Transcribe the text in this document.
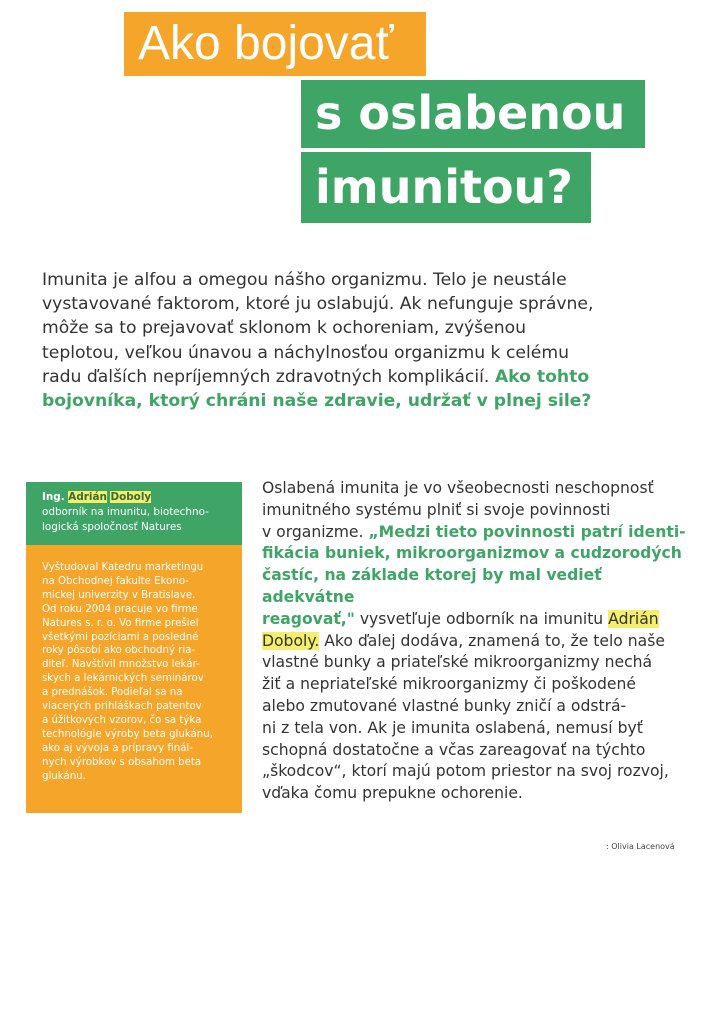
Ako bojovať
s oslabenou
imunitou?
Imunita je alfou a omegou nášho organizmu. Telo je neustále
vystavované faktorom, ktoré ju oslabujú. Ak nefunguje správne,
môže sa to prejavovať sklonom k ochoreniam, zvýšenou
teplotou, veľkou únavou a náchylnosťou organizmu k celému
radu ďalších nepríjemných zdravotných komplikácií. Ako tohto
bojovníka, ktorý chráni naše zdravie, udržať v plnej sile?
Ing. Adrián Doboly
odborník na imunitu, biotechno-
logická spoločnosť Natures
Vyštudoval Katedru marketingu
na Obchodnej fakulte Ekono-
mickej univerzity v Bratislave.
Od roku 2004 pracuje vo firme
Natures s. r. o. Vo firme prešiel
všetkými pozíciami a posledné
roky pôsobí ako obchodný ria-
diteľ. Navštívil množstvo lekár-
skych a lekárnických seminárov
a prednášok. Podieľal sa na
viacerých prihláškach patentov
a úžitkových vzorov, čo sa týka
technológie výroby beta glukánu,
ako aj vývoja a prípravy finál-
nych výrobkov s obsahom beta
glukánu.
Oslabená imunita je vo všeobecnosti neschopnosť
imunitného systému plniť si svoje povinnosti
v organizme. „Medzi tieto povinnosti patrí identi-
fikácia buniek, mikroorganizmov a cudzorodých
častíc, na základe ktorej by mal vedieť adekvátne
reagovať," vysvetľuje odborník na imunitu Adrián
Doboly. Ako ďalej dodáva, znamená to, že telo naše
vlastné bunky a priateľské mikroorganizmy nechá
žiť a nepriateľské mikroorganizmy či poškodené
alebo zmutované vlastné bunky zničí a odstrá-
ni z tela von. Ak je imunita oslabená, nemusí byť
schopná dostatočne a včas zareagovať na týchto
„škodcov“, ktorí majú potom priestor na svoj rozvoj,
vďaka čomu prepukne ochorenie.
: Olivia Lacenová
